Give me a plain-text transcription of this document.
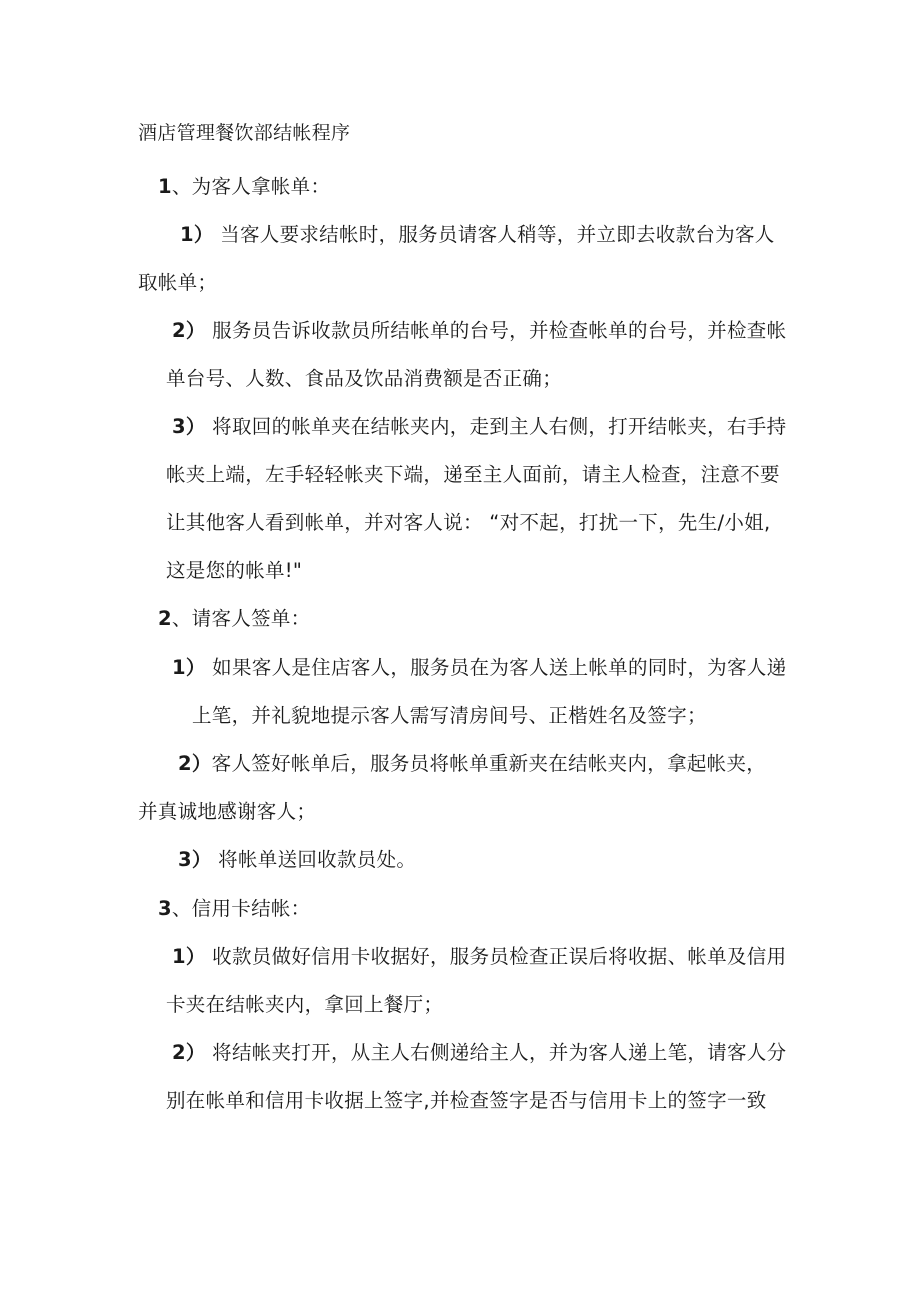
酒店管理餐饮部结帐程序
1、为客人拿帐单：
1） 当客人要求结帐时，服务员请客人稍等，并立即去收款台为客人
取帐单；
2） 服务员告诉收款员所结帐单的台号，并检查帐单的台号，并检查帐
单台号、人数、食品及饮品消费额是否正确；
3） 将取回的帐单夹在结帐夹内，走到主人右侧，打开结帐夹，右手持
帐夹上端，左手轻轻帐夹下端，递至主人面前，请主人检查，注意不要
让其他客人看到帐单，并对客人说： “对不起，打扰一下，先生/小姐,
这是您的帐单!"
2、请客人签单：
1） 如果客人是住店客人，服务员在为客人送上帐单的同时，为客人递
上笔，并礼貌地提示客人需写清房间号、正楷姓名及签字；
2）客人签好帐单后，服务员将帐单重新夹在结帐夹内，拿起帐夹，
并真诚地感谢客人；
3） 将帐单送回收款员处。
3、信用卡结帐：
1） 收款员做好信用卡收据好，服务员检查正误后将收据、帐单及信用
卡夹在结帐夹内，拿回上餐厅；
2） 将结帐夹打开，从主人右侧递给主人，并为客人递上笔，请客人分
别在帐单和信用卡收据上签字,并检查签字是否与信用卡上的签字一致
